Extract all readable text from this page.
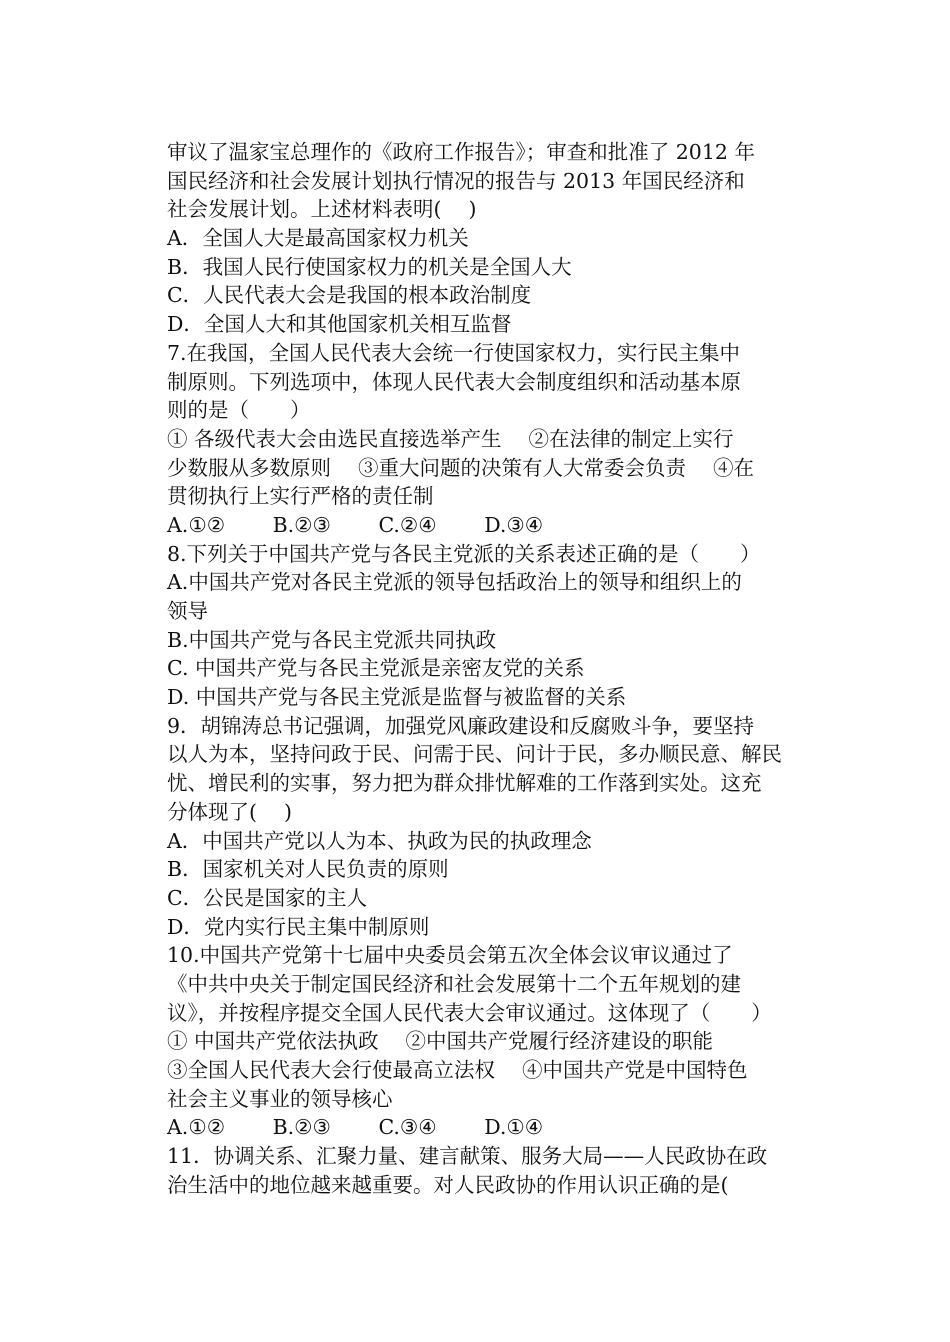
审议了温家宝总理作的《政府工作报告》；审查和批准了 2012 年
国民经济和社会发展计划执行情况的报告与 2013 年国民经济和
社会发展计划。上述材料表明(　 )
A．全国人大是最高国家权力机关
B．我国人民行使国家权力的机关是全国人大
C．人民代表大会是我国的根本政治制度
D．全国人大和其他国家机关相互监督
7.在我国，全国人民代表大会统一行使国家权力，实行民主集中
制原则。下列选项中，体现人民代表大会制度组织和活动基本原
则的是（　　）
① 各级代表大会由选民直接选举产生　 ②在法律的制定上实行
少数服从多数原则　 ③重大问题的决策有人大常委会负责　 ④在
贯彻执行上实行严格的责任制
A.①②　　 B.②③　　 C.②④　　 D.③④
8.下列关于中国共产党与各民主党派的关系表述正确的是（　　）
A.中国共产党对各民主党派的领导包括政治上的领导和组织上的
领导
B.中国共产党与各民主党派共同执政
C. 中国共产党与各民主党派是亲密友党的关系
D. 中国共产党与各民主党派是监督与被监督的关系
9．胡锦涛总书记强调，加强党风廉政建设和反腐败斗争，要坚持
以人为本，坚持问政于民、问需于民、问计于民，多办顺民意、解民
忧、增民利的实事，努力把为群众排忧解难的工作落到实处。这充
分体现了(　 )
A．中国共产党以人为本、执政为民的执政理念
B．国家机关对人民负责的原则
C．公民是国家的主人
D．党内实行民主集中制原则
10.中国共产党第十七届中央委员会第五次全体会议审议通过了
《中共中央关于制定国民经济和社会发展第十二个五年规划的建
议》，并按程序提交全国人民代表大会审议通过。这体现了（　　）
① 中国共产党依法执政　 ②中国共产党履行经济建设的职能
③全国人民代表大会行使最高立法权　 ④中国共产党是中国特色
社会主义事业的领导核心
A.①②　　 B.②③　　 C.③④　　 D.①④
11．协调关系、汇聚力量、建言献策、服务大局——人民政协在政
治生活中的地位越来越重要。对人民政协的作用认识正确的是(
